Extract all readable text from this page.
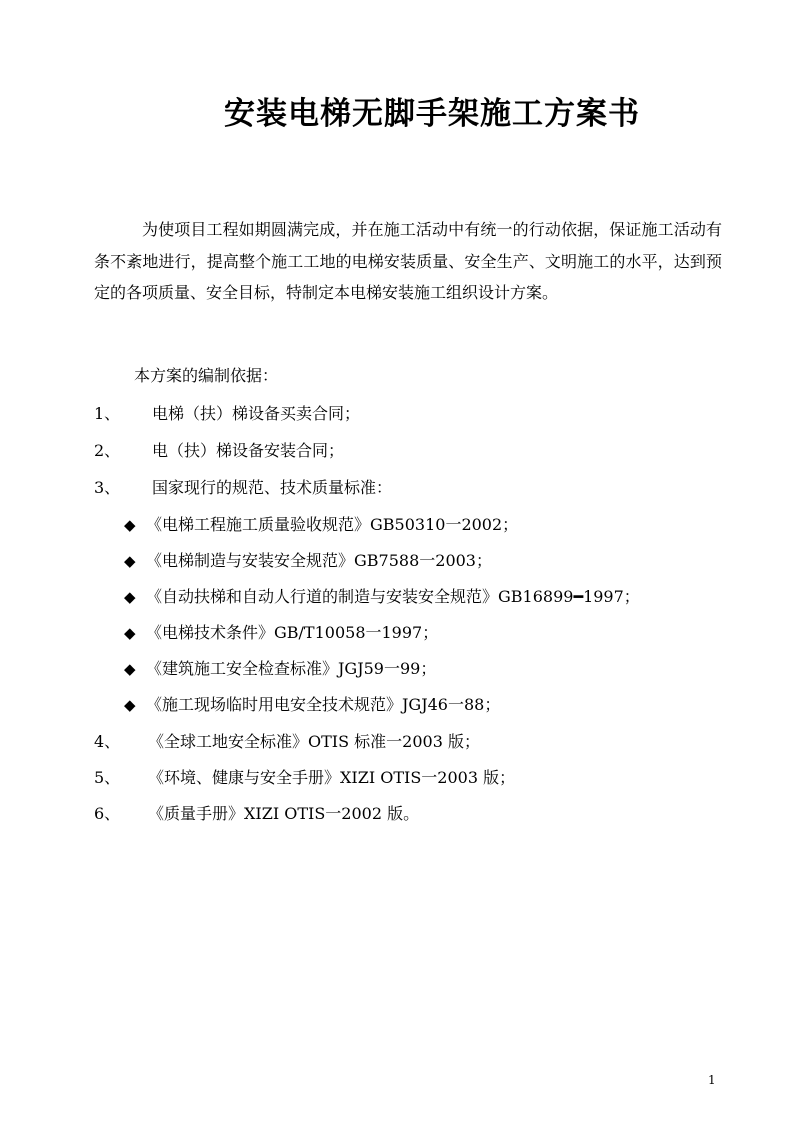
安装电梯无脚手架施工方案书
为使项目工程如期圆满完成，并在施工活动中有统一的行动依据，保证施工活动有条不紊地进行，提高整个施工工地的电梯安装质量、安全生产、文明施工的水平，达到预定的各项质量、安全目标，特制定本电梯安装施工组织设计方案。
本方案的编制依据：
1、 电梯（扶）梯设备买卖合同；
2、 电（扶）梯设备安装合同；
3、 国家现行的规范、技术质量标准：
◆ 《电梯工程施工质量验收规范》GB50310一2002；
◆ 《电梯制造与安装安全规范》GB7588一2003；
◆ 《自动扶梯和自动人行道的制造与安装安全规范》GB16899━1997；
◆ 《电梯技术条件》GB/T10058一1997；
◆ 《建筑施工安全检查标准》JGJ59一99；
◆ 《施工现场临时用电安全技术规范》JGJ46一88；
4、 《全球工地安全标准》OTIS 标准一2003 版；
5、 《环境、健康与安全手册》XIZI OTIS一2003 版；
6、 《质量手册》XIZI OTIS一2002 版。
1
